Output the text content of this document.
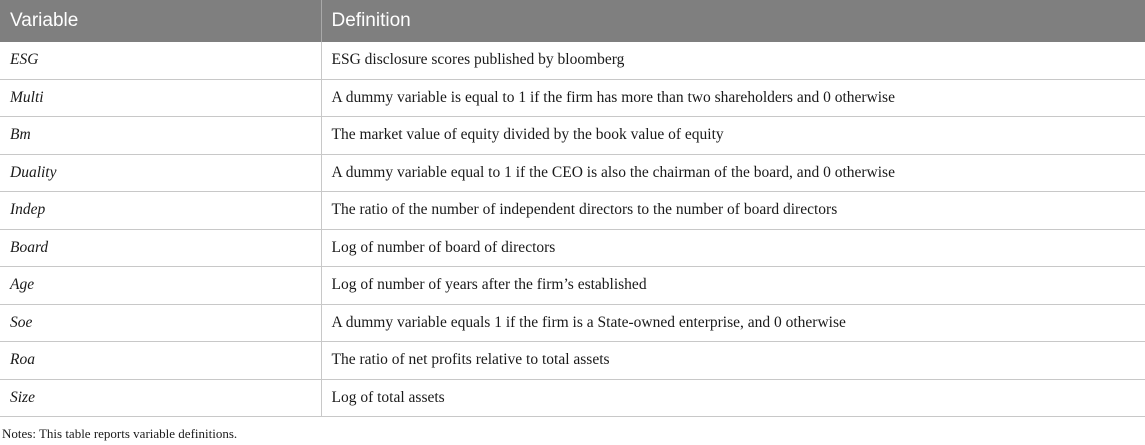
Variable	Definition
ESG	ESG disclosure scores published by bloomberg
Multi	A dummy variable is equal to 1 if the firm has more than two shareholders and 0 otherwise
Bm	The market value of equity divided by the book value of equity
Duality	A dummy variable equal to 1 if the CEO is also the chairman of the board, and 0 otherwise
Indep	The ratio of the number of independent directors to the number of board directors
Board	Log of number of board of directors
Age	Log of number of years after the firm’s established
Soe	A dummy variable equals 1 if the firm is a State-owned enterprise, and 0 otherwise
Roa	The ratio of net profits relative to total assets
Size	Log of total assets
Notes: This table reports variable definitions.
